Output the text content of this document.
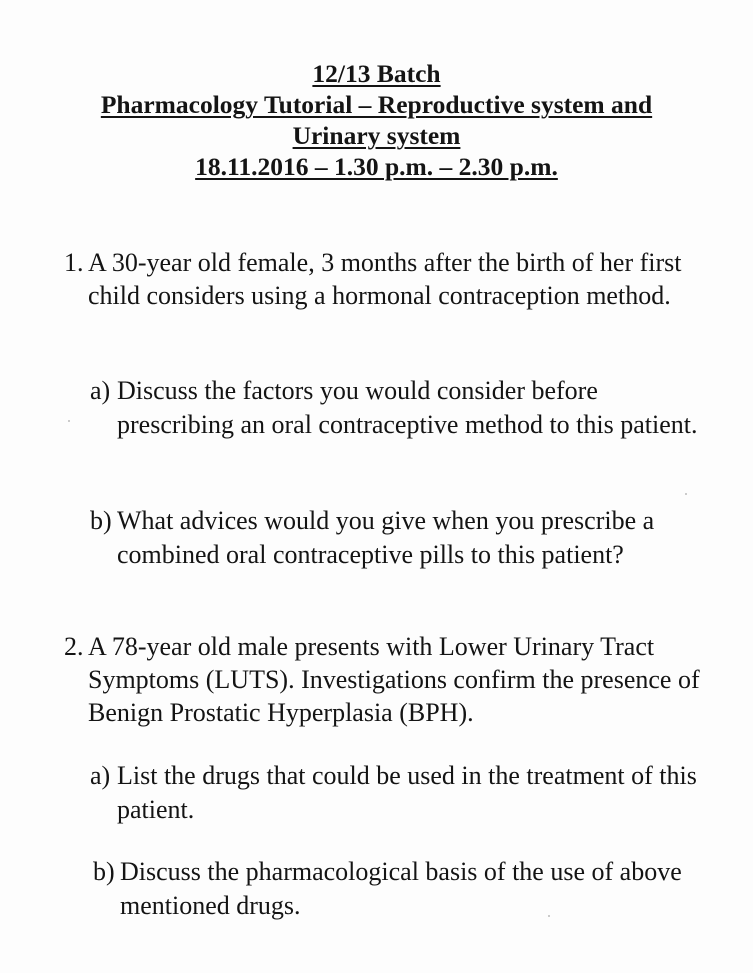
12/13 Batch
Pharmacology Tutorial – Reproductive system and
Urinary system
18.11.2016 – 1.30 p.m. – 2.30 p.m.
1. A 30-year old female, 3 months after the birth of her first child considers using a hormonal contraception method.
a) Discuss the factors you would consider before prescribing an oral contraceptive method to this patient.
b) What advices would you give when you prescribe a combined oral contraceptive pills to this patient?
2. A 78-year old male presents with Lower Urinary Tract Symptoms (LUTS). Investigations confirm the presence of Benign Prostatic Hyperplasia (BPH).
a) List the drugs that could be used in the treatment of this patient.
b) Discuss the pharmacological basis of the use of above mentioned drugs.
